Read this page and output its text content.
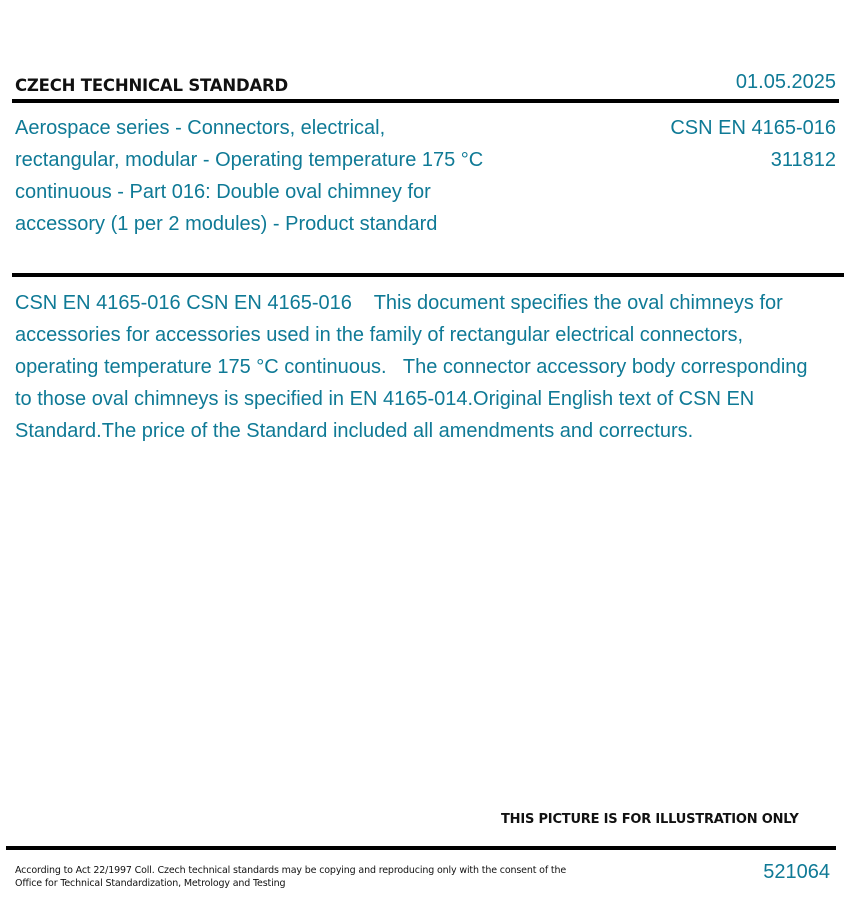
CZECH TECHNICAL STANDARD	01.05.2025
Aerospace series - Connectors, electrical, rectangular, modular - Operating temperature 175 °C continuous - Part 016: Double oval chimney for accessory (1 per 2 modules) - Product standard
CSN EN 4165-016
311812
CSN EN 4165-016 CSN EN 4165-016    This document specifies the oval chimneys for accessories for accessories used in the family of rectangular electrical connectors, operating temperature 175 °C continuous.   The connector accessory body corresponding to those oval chimneys is specified in EN 4165-014.Original English text of CSN EN Standard.The price of the Standard included all amendments and correcturs.
THIS PICTURE IS FOR ILLUSTRATION ONLY
According to Act 22/1997 Coll. Czech technical standards may be copying and reproducing only with the consent of the Office for Technical Standardization, Metrology and Testing
521064
